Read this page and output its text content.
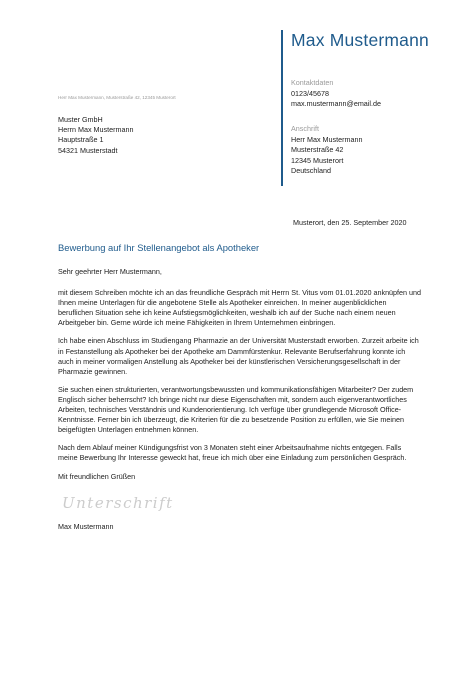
Max Mustermann
Kontaktdaten
0123/45678
max.mustermann@email.de
Anschrift
Herr Max Mustermann
Musterstraße 42
12345 Musterort
Deutschland
Herr Max Mustermann, Musterstraße 42, 12345 Musterort
Muster GmbH
Herrn Max Mustermann
Hauptstraße 1
54321 Musterstadt
Musterort, den 25. September 2020
Bewerbung auf Ihr Stellenangebot als Apotheker

Sehr geehrter Herr Mustermann,

mit diesem Schreiben möchte ich an das freundliche Gespräch mit Herrn St. Vitus vom 01.01.2020 anknüpfen und Ihnen meine Unterlagen für die angebotene Stelle als Apotheker einreichen. In meiner augenblicklichen beruflichen Situation sehe ich keine Aufstiegsmöglichkeiten, weshalb ich auf der Suche nach einem neuen Arbeitgeber bin. Gerne würde ich meine Fähigkeiten in Ihrem Unternehmen einbringen.

Ich habe einen Abschluss im Studiengang Pharmazie an der Universität Musterstadt erworben. Zurzeit arbeite ich in Festanstellung als Apotheker bei der Apotheke am Dammfürstenkur. Relevante Berufserfahrung konnte ich auch in meiner vormaligen Anstellung als Apotheker bei der künstlerischen Versicherungsgesellschaft in der Pharmazie gewinnen.

Sie suchen einen strukturierten, verantwortungsbewussten und kommunikationsfähigen Mitarbeiter? Der zudem Englisch sicher beherrscht? Ich bringe nicht nur diese Eigenschaften mit, sondern auch eigenverantwortliches Arbeiten, technisches Verständnis und Kundenorientierung. Ich verfüge über grundlegende Microsoft Office-Kenntnisse. Ferner bin ich überzeugt, die Kriterien für die zu besetzende Position zu erfüllen, wie Sie meinen beigefügten Unterlagen entnehmen können.

Nach dem Ablauf meiner Kündigungsfrist von 3 Monaten steht einer Arbeitsaufnahme nichts entgegen. Falls meine Bewerbung Ihr Interesse geweckt hat, freue ich mich über eine Einladung zum persönlichen Gespräch.

Mit freundlichen Grüßen

Unterschrift
Max Mustermann
